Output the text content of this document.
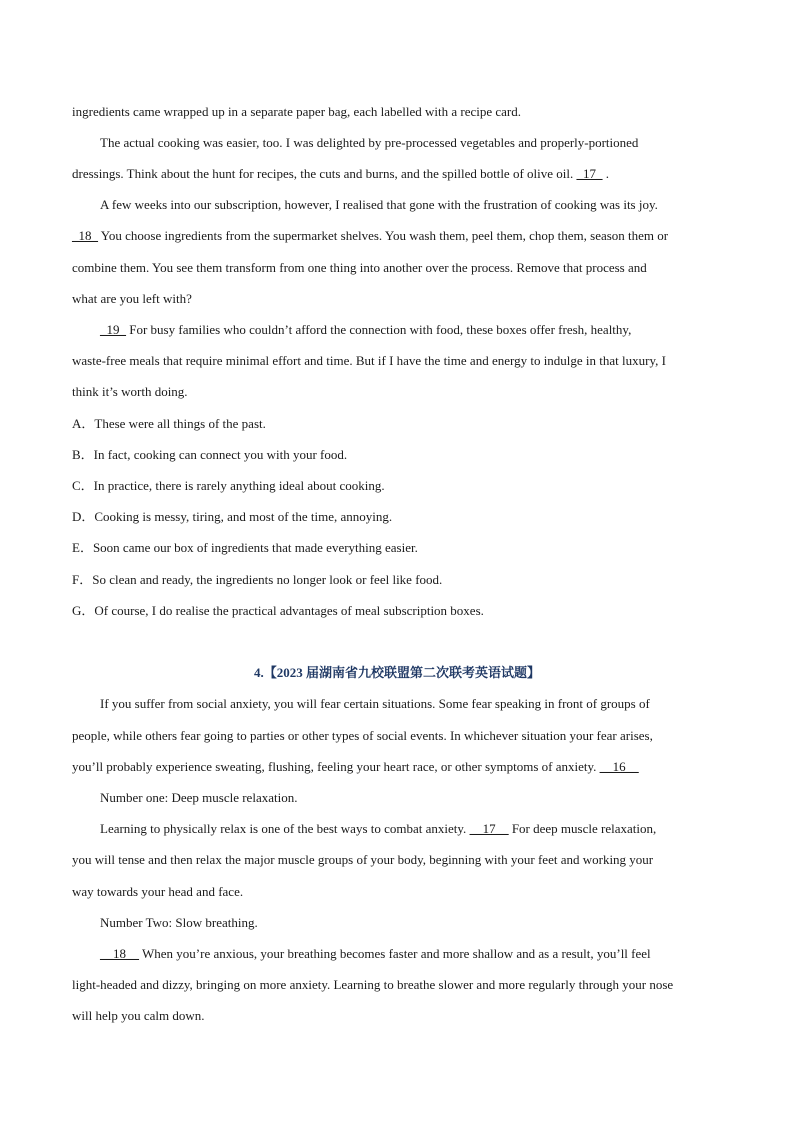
ingredients came wrapped up in a separate paper bag, each labelled with a recipe card.
The actual cooking was easier, too. I was delighted by pre-processed vegetables and properly-portioned
dressings. Think about the hunt for recipes, the cuts and burns, and the spilled bottle of olive oil. _17_ .
A few weeks into our subscription, however, I realised that gone with the frustration of cooking was its joy.
_18_ You choose ingredients from the supermarket shelves. You wash them, peel them, chop them, season them or
combine them. You see them transform from one thing into another over the process. Remove that process and
what are you left with?
_19_ For busy families who couldn’t afford the connection with food, these boxes offer fresh, healthy,
waste-free meals that require minimal effort and time. But if I have the time and energy to indulge in that luxury, I
think it’s worth doing.
A．These were all things of the past.
B．In fact, cooking can connect you with your food.
C．In practice, there is rarely anything ideal about cooking.
D．Cooking is messy, tiring, and most of the time, annoying.
E．Soon came our box of ingredients that made everything easier.
F．So clean and ready, the ingredients no longer look or feel like food.
G．Of course, I do realise the practical advantages of meal subscription boxes.
4.【2023 届湖南省九校联盟第二次联考英语试题】
If you suffer from social anxiety, you will fear certain situations. Some fear speaking in front of groups of
people, while others fear going to parties or other types of social events. In whichever situation your fear arises,
you’ll probably experience sweating, flushing, feeling your heart race, or other symptoms of anxiety. __16__
Number one: Deep muscle relaxation.
Learning to physically relax is one of the best ways to combat anxiety. __17__ For deep muscle relaxation,
you will tense and then relax the major muscle groups of your body, beginning with your feet and working your
way towards your head and face.
Number Two: Slow breathing.
__18__ When you’re anxious, your breathing becomes faster and more shallow and as a result, you’ll feel
light-headed and dizzy, bringing on more anxiety. Learning to breathe slower and more regularly through your nose
will help you calm down.
